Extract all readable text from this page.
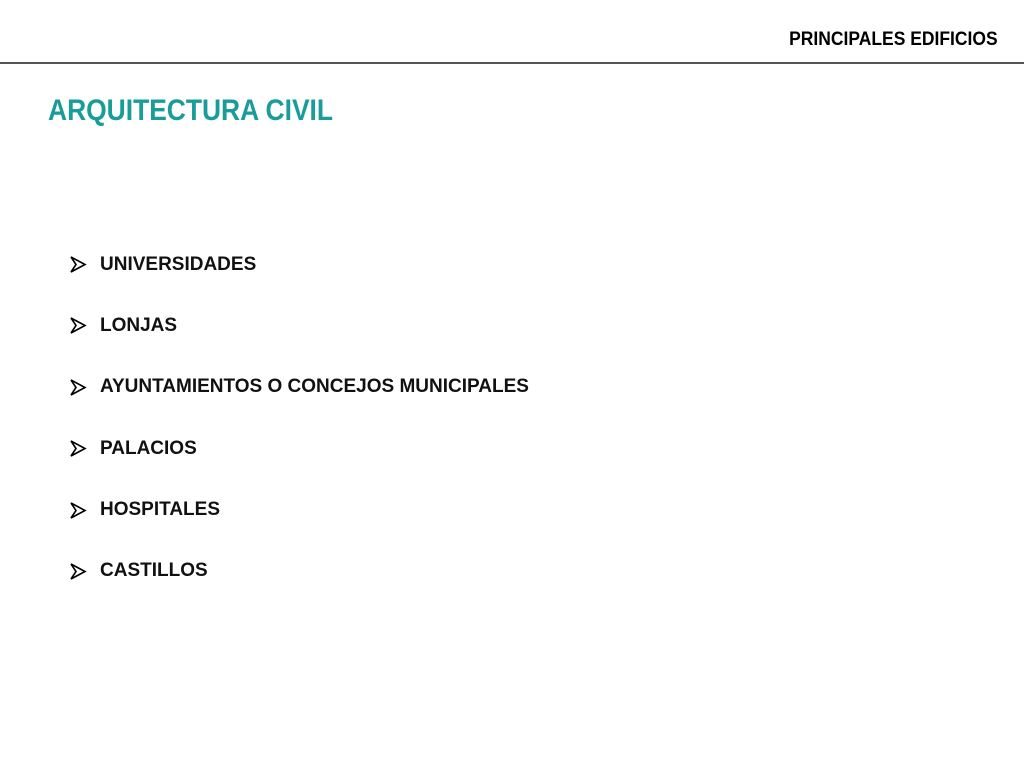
PRINCIPALES EDIFICIOS
ARQUITECTURA CIVIL
UNIVERSIDADES
LONJAS
AYUNTAMIENTOS O CONCEJOS MUNICIPALES
PALACIOS
HOSPITALES
CASTILLOS
